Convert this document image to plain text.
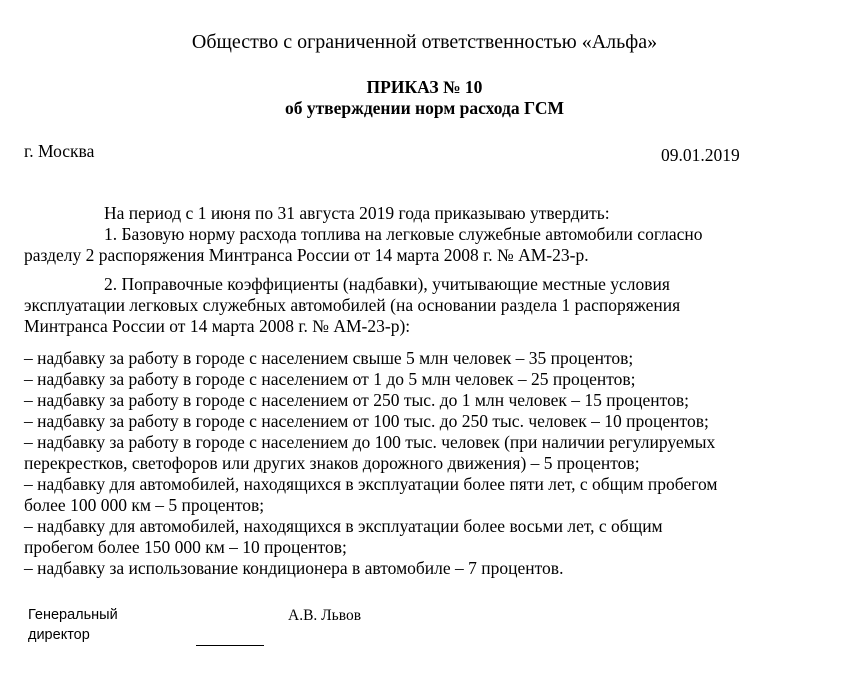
Общество с ограниченной ответственностью «Альфа»
ПРИКАЗ № 10
об утверждении норм расхода ГСМ
г. Москва	09.01.2019
На период с 1 июня по 31 августа 2019 года приказываю утвердить:
1. Базовую норму расхода топлива на легковые служебные автомобили согласно
разделу 2 распоряжения Минтранса России от 14 марта 2008 г. № АМ-23-р.
2. Поправочные коэффициенты (надбавки), учитывающие местные условия
эксплуатации легковых служебных автомобилей (на основании раздела 1 распоряжения
Минтранса России от 14 марта 2008 г. № АМ-23-р):
– надбавку за работу в городе с населением свыше 5 млн человек – 35 процентов;
– надбавку за работу в городе с населением от 1 до 5 млн человек – 25 процентов;
– надбавку за работу в городе с населением от 250 тыс. до 1 млн человек – 15 процентов;
– надбавку за работу в городе с населением от 100 тыс. до 250 тыс. человек – 10 процентов;
– надбавку за работу в городе с населением до 100 тыс. человек (при наличии регулируемых
перекрестков, светофоров или других знаков дорожного движения) – 5 процентов;
– надбавку для автомобилей, находящихся в эксплуатации более пяти лет, с общим пробегом
более 100 000 км – 5 процентов;
– надбавку для автомобилей, находящихся в эксплуатации более восьми лет, с общим
пробегом более 150 000 км – 10 процентов;
– надбавку за использование кондиционера в автомобиле – 7 процентов.
Генеральный
директор
А.В. Львов
